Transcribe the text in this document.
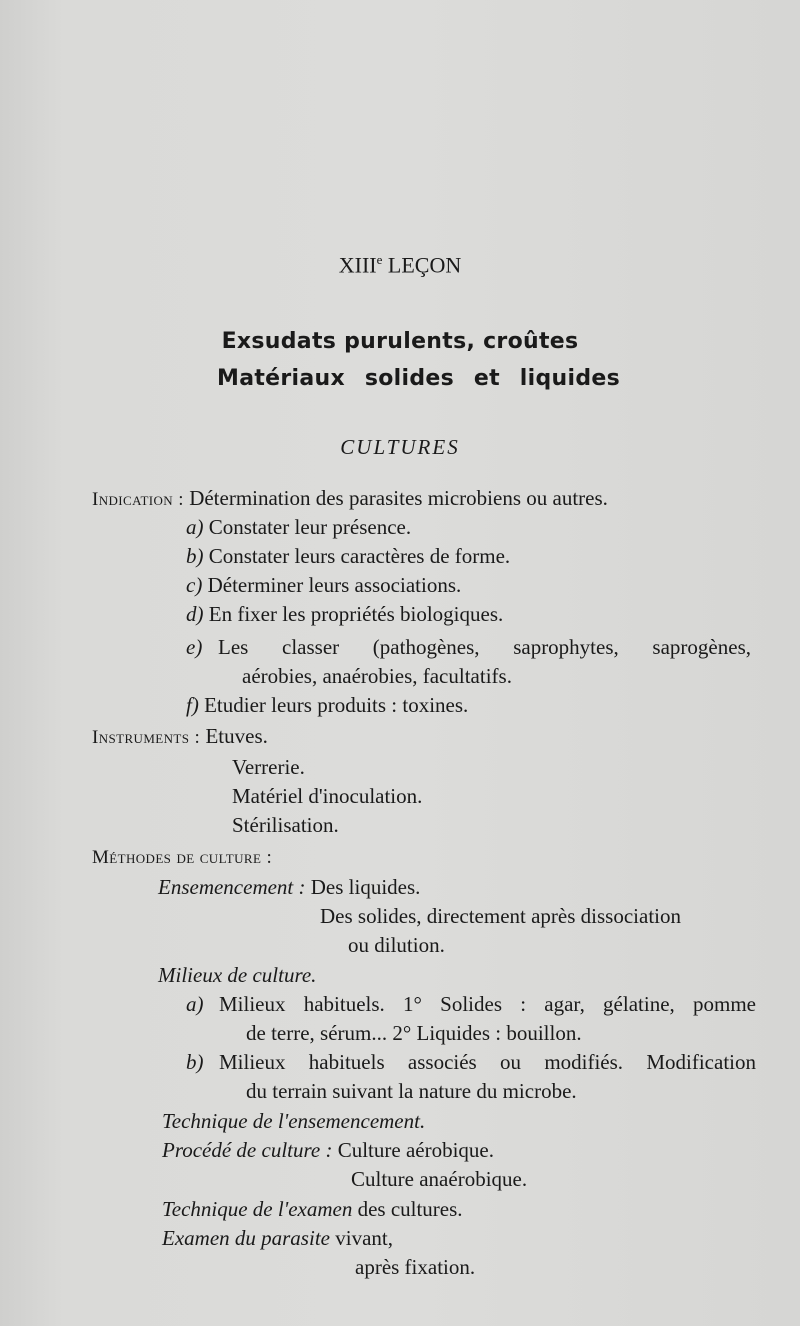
XIIIe LEÇON
Exsudats purulents, croûtes
Matériaux solides et liquides
CULTURES
Indication : Détermination des parasites microbiens ou autres.
a) Constater leur présence.
b) Constater leurs caractères de forme.
c) Déterminer leurs associations.
d) En fixer les propriétés biologiques.
e) Les classer (pathogènes, saprophytes, saprogènes,
aérobies, anaérobies, facultatifs.
f) Etudier leurs produits : toxines.
Instruments : Etuves.
Verrerie.
Matériel d'inoculation.
Stérilisation.
Méthodes de culture :
Ensemencement : Des liquides.
Des solides, directement après dissociation
ou dilution.
Milieux de culture.
a) Milieux habituels. 1° Solides : agar, gélatine, pomme
de terre, sérum... 2° Liquides : bouillon.
b) Milieux habituels associés ou modifiés. Modification
du terrain suivant la nature du microbe.
Technique de l'ensemencement.
Procédé de culture : Culture aérobique.
Culture anaérobique.
Technique de l'examen des cultures.
Examen du parasite vivant,
après fixation.
